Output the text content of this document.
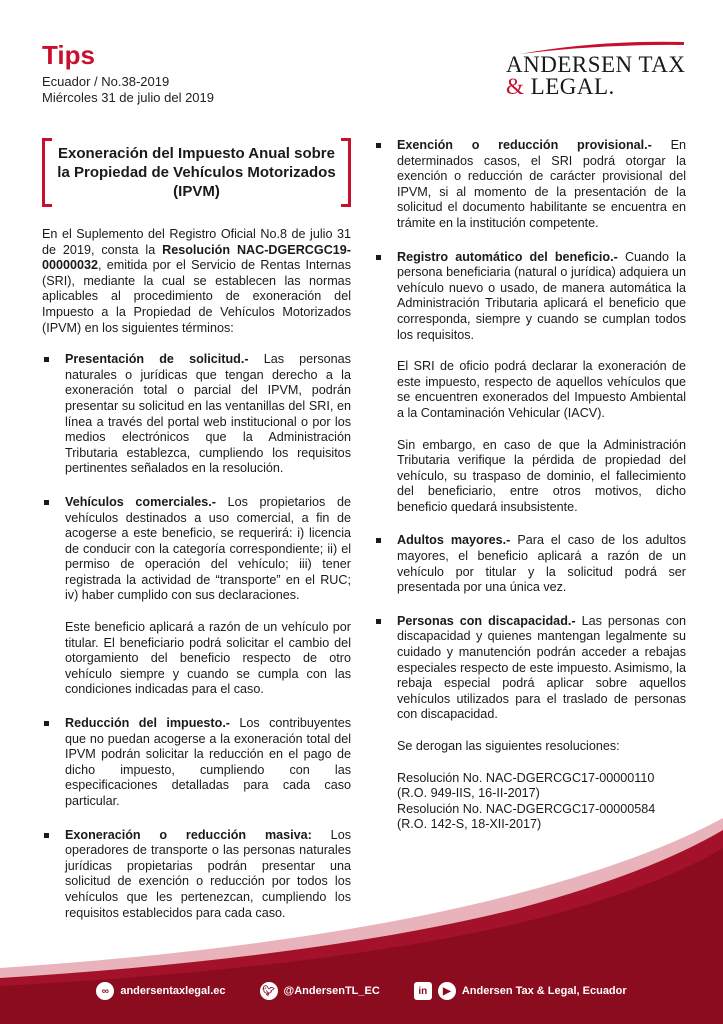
Tips
Ecuador / No.38-2019
Miércoles 31 de julio del 2019
ANDERSEN TAX
& LEGAL.
Exoneración del Impuesto Anual sobre la Propiedad de Vehículos Motorizados (IPVM)

En el Suplemento del Registro Oficial No.8 de julio 31 de 2019, consta la Resolución NAC-DGERCGC19-00000032, emitida por el Servicio de Rentas Internas (SRI), mediante la cual se establecen las normas aplicables al procedimiento de exoneración del Impuesto a la Propiedad de Vehículos Motorizados (IPVM) en los siguientes términos:

Presentación de solicitud.- Las personas naturales o jurídicas que tengan derecho a la exoneración total o parcial del IPVM, podrán presentar su solicitud en las ventanillas del SRI, en línea a través del portal web institucional o por los medios electrónicos que la Administración Tributaria establezca, cumpliendo los requisitos pertinentes señalados en la resolución.

Vehículos comerciales.- Los propietarios de vehículos destinados a uso comercial, a fin de acogerse a este beneficio, se requerirá: i) licencia de conducir con la categoría correspondiente; ii) el permiso de operación del vehículo; iii) tener registrada la actividad de “transporte” en el RUC; iv) haber cumplido con sus declaraciones.

Este beneficio aplicará a razón de un vehículo por titular. El beneficiario podrá solicitar el cambio del otorgamiento del beneficio respecto de otro vehículo siempre y cuando se cumpla con las condiciones indicadas para el caso.

Reducción del impuesto.- Los contribuyentes que no puedan acogerse a la exoneración total del IPVM podrán solicitar la reducción en el pago de dicho impuesto, cumpliendo con las especificaciones detalladas para cada caso particular.

Exoneración o reducción masiva: Los operadores de transporte o las personas naturales jurídicas propietarias podrán presentar una solicitud de exención o reducción por todos los vehículos que les pertenezcan, cumpliendo los requisitos establecidos para cada caso.

Exención o reducción provisional.- En determinados casos, el SRI podrá otorgar la exención o reducción de carácter provisional del IPVM, si al momento de la presentación de la solicitud el documento habilitante se encuentra en trámite en la institución competente.

Registro automático del beneficio.- Cuando la persona beneficiaria (natural o jurídica) adquiera un vehículo nuevo o usado, de manera automática la Administración Tributaria aplicará el beneficio que corresponda, siempre y cuando se cumplan todos los requisitos.

El SRI de oficio podrá declarar la exoneración de este impuesto, respecto de aquellos vehículos que se encuentren exonerados del Impuesto Ambiental a la Contaminación Vehicular (IACV).

Sin embargo, en caso de que la Administración Tributaria verifique la pérdida de propiedad del vehículo, su traspaso de dominio, el fallecimiento del beneficiario, entre otros motivos, dicho beneficio quedará insubsistente.

Adultos mayores.- Para el caso de los adultos mayores, el beneficio aplicará a razón de un vehículo por titular y la solicitud podrá ser presentada por una única vez.

Personas con discapacidad.- Las personas con discapacidad y quienes mantengan legalmente su cuidado y manutención podrán acceder a rebajas especiales respecto de este impuesto. Asimismo, la rebaja especial podrá aplicar sobre aquellos vehículos utilizados para el traslado de personas con discapacidad.

Se derogan las siguientes resoluciones:

Resolución No. NAC-DGERCGC17-00000110

(R.O. 949-IIS, 16-II-2017)

Resolución No. NAC-DGERCGC17-00000584

(R.O. 142-S, 18-XII-2017)

∞	andersentaxlegal.ec	🐦︎ @AndersenTL_EC	in	▶	Andersen Tax & Legal, Ecuador
